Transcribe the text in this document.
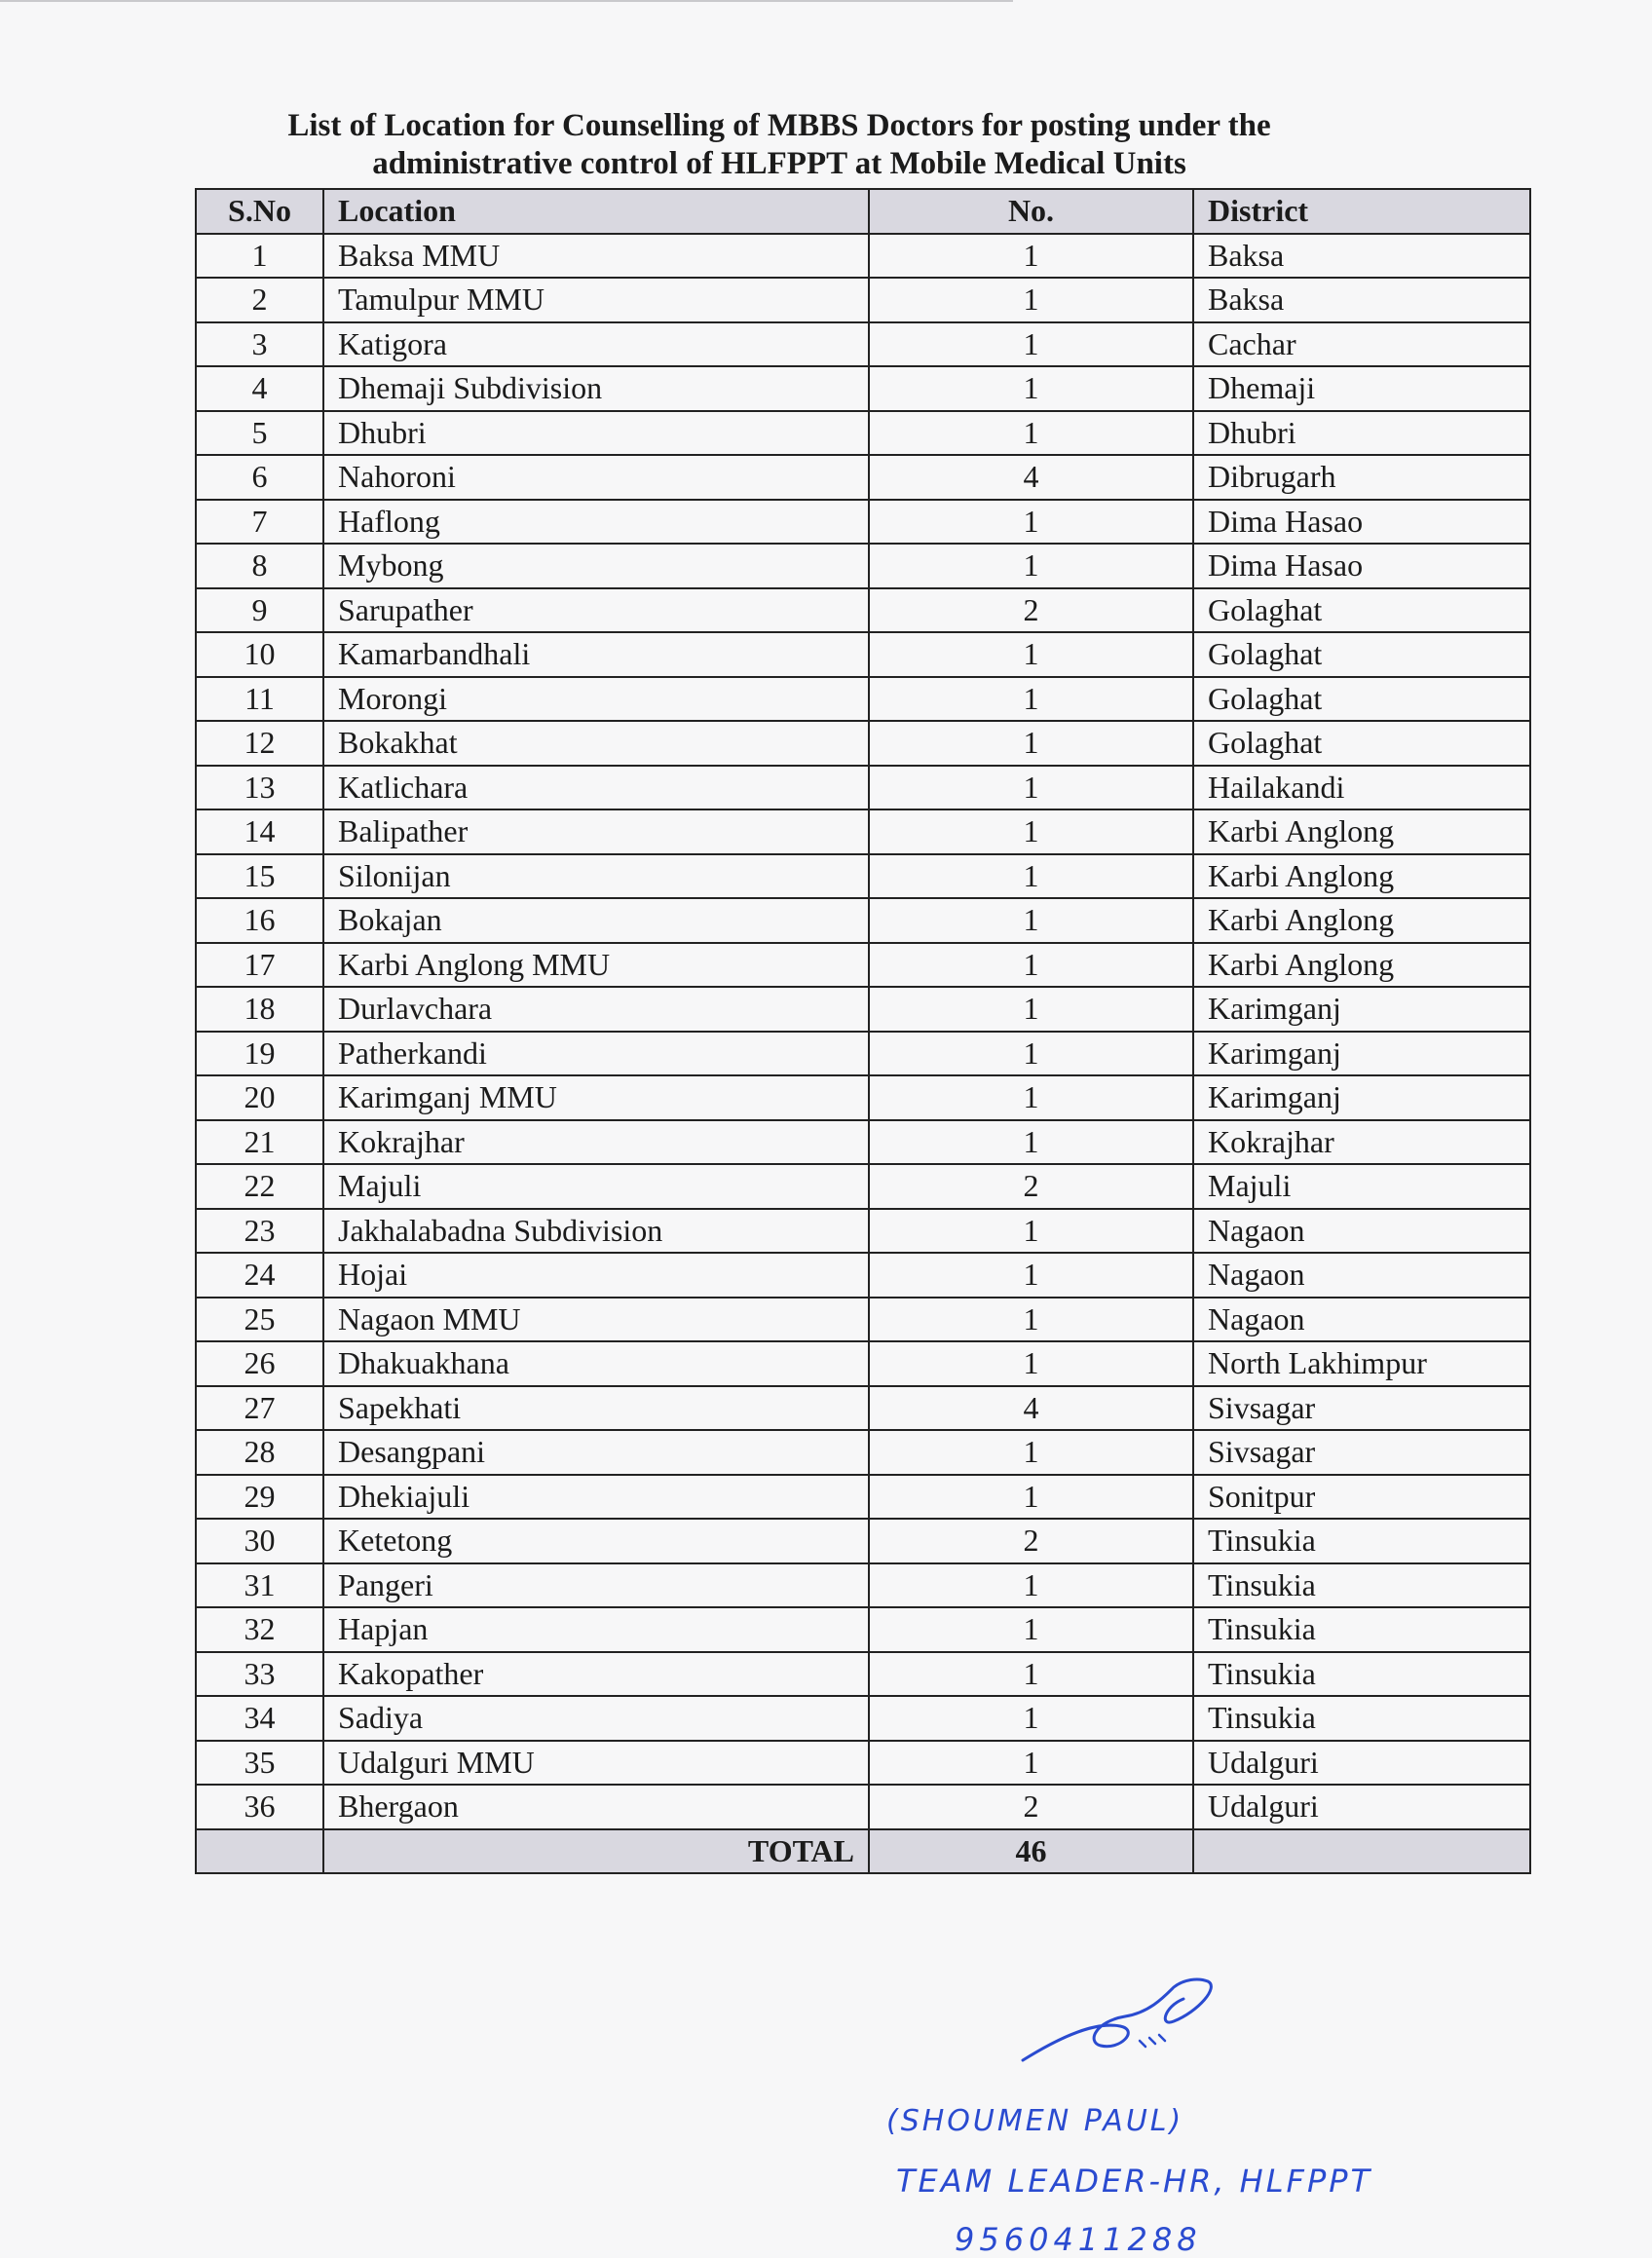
List of Location for Counselling of MBBS Doctors for posting under the
administrative control of HLFPPT at Mobile Medical Units
S.No	Location	No.	District
1	Baksa MMU	1	Baksa
2	Tamulpur MMU	1	Baksa
3	Katigora	1	Cachar
4	Dhemaji Subdivision	1	Dhemaji
5	Dhubri	1	Dhubri
6	Nahoroni	4	Dibrugarh
7	Haflong	1	Dima Hasao
8	Mybong	1	Dima Hasao
9	Sarupather	2	Golaghat
10	Kamarbandhali	1	Golaghat
11	Morongi	1	Golaghat
12	Bokakhat	1	Golaghat
13	Katlichara	1	Hailakandi
14	Balipather	1	Karbi Anglong
15	Silonijan	1	Karbi Anglong
16	Bokajan	1	Karbi Anglong
17	Karbi Anglong MMU	1	Karbi Anglong
18	Durlavchara	1	Karimganj
19	Patherkandi	1	Karimganj
20	Karimganj MMU	1	Karimganj
21	Kokrajhar	1	Kokrajhar
22	Majuli	2	Majuli
23	Jakhalabadna Subdivision	1	Nagaon
24	Hojai	1	Nagaon
25	Nagaon MMU	1	Nagaon
26	Dhakuakhana	1	North Lakhimpur
27	Sapekhati	4	Sivsagar
28	Desangpani	1	Sivsagar
29	Dhekiajuli	1	Sonitpur
30	Ketetong	2	Tinsukia
31	Pangeri	1	Tinsukia
32	Hapjan	1	Tinsukia
33	Kakopather	1	Tinsukia
34	Sadiya	1	Tinsukia
35	Udalguri MMU	1	Udalguri
36	Bhergaon	2	Udalguri
	TOTAL	46	
(SHOUMEN PAUL)
TEAM LEADER-HR, HLFPPT
9560411288
